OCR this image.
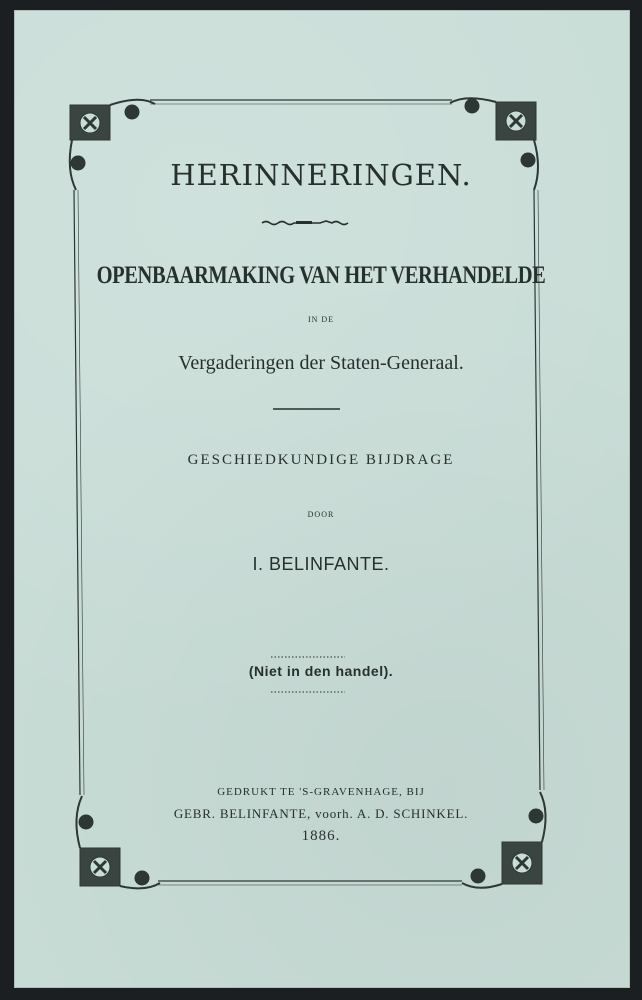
HERINNERINGEN.
OPENBAARMAKING VAN HET VERHANDELDE
IN DE
Vergaderingen der Staten-Generaal.
GESCHIEDKUNDIGE BIJDRAGE
DOOR
I. BELINFANTE.
(Niet in den handel).
GEDRUKT TE 'S-GRAVENHAGE, BIJ
GEBR. BELINFANTE, voorh. A. D. SCHINKEL.
1886.
